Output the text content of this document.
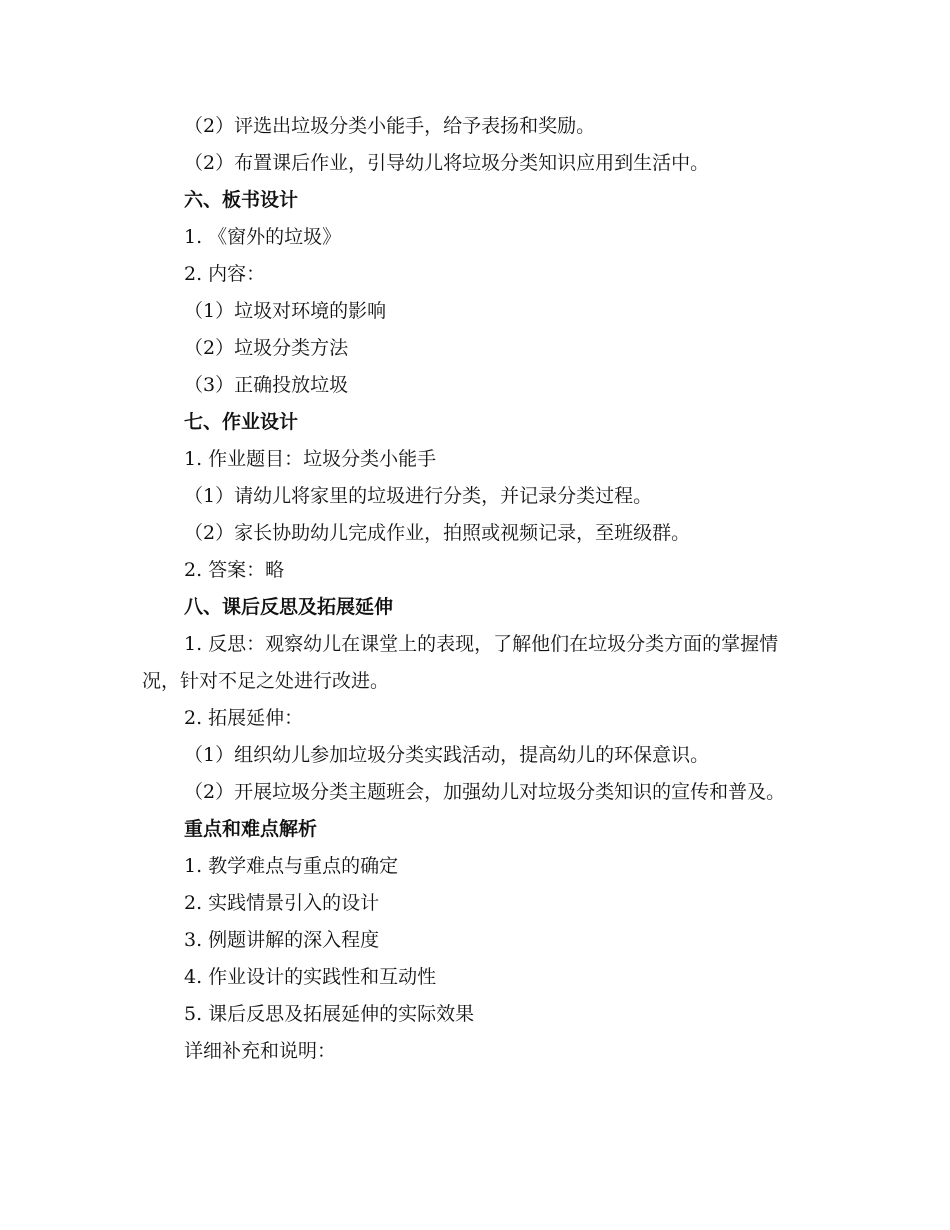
（2）评选出垃圾分类小能手，给予表扬和奖励。
（2）布置课后作业，引导幼儿将垃圾分类知识应用到生活中。
六、板书设计
1. 《窗外的垃圾》
2. 内容：
（1）垃圾对环境的影响
（2）垃圾分类方法
（3）正确投放垃圾
七、作业设计
1. 作业题目：垃圾分类小能手
（1）请幼儿将家里的垃圾进行分类，并记录分类过程。
（2）家长协助幼儿完成作业，拍照或视频记录，至班级群。
2. 答案：略
八、课后反思及拓展延伸
1. 反思：观察幼儿在课堂上的表现，了解他们在垃圾分类方面的掌握情况，针对不足之处进行改进。
2. 拓展延伸：
（1）组织幼儿参加垃圾分类实践活动，提高幼儿的环保意识。
（2）开展垃圾分类主题班会，加强幼儿对垃圾分类知识的宣传和普及。
重点和难点解析
1. 教学难点与重点的确定
2. 实践情景引入的设计
3. 例题讲解的深入程度
4. 作业设计的实践性和互动性
5. 课后反思及拓展延伸的实际效果
详细补充和说明：
